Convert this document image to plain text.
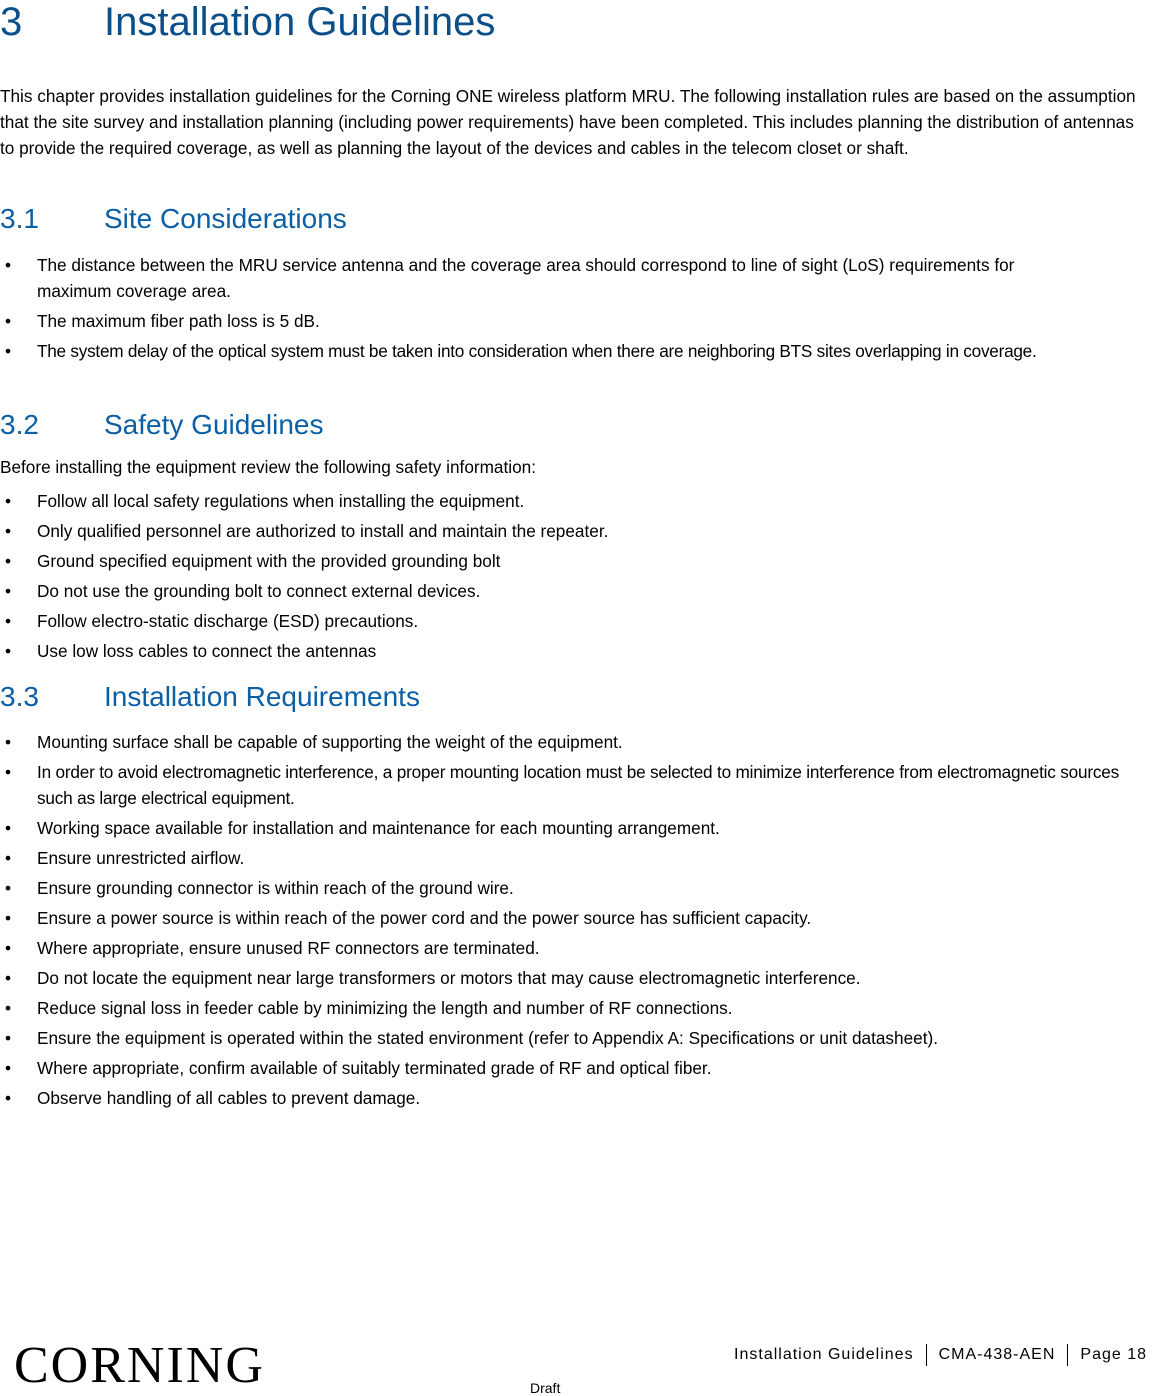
3 Installation Guidelines

This chapter provides installation guidelines for the Corning ONE wireless platform MRU. The following installation rules are based on the assumption that the site survey and installation planning (including power requirements) have been completed. This includes planning the distribution of antennas to provide the required coverage, as well as planning the layout of the devices and cables in the telecom closet or shaft.

3.1 Site Considerations
• The distance between the MRU service antenna and the coverage area should correspond to line of sight (LoS) requirements for maximum coverage area.
• The maximum fiber path loss is 5 dB.
• The system delay of the optical system must be taken into consideration when there are neighboring BTS sites overlapping in coverage.
3.2 Safety Guidelines

Before installing the equipment review the following safety information:

• Follow all local safety regulations when installing the equipment.
• Only qualified personnel are authorized to install and maintain the repeater.
• Ground specified equipment with the provided grounding bolt
• Do not use the grounding bolt to connect external devices.
• Follow electro-static discharge (ESD) precautions.
• Use low loss cables to connect the antennas
3.3 Installation Requirements
• Mounting surface shall be capable of supporting the weight of the equipment.
• In order to avoid electromagnetic interference, a proper mounting location must be selected to minimize interference from electromagnetic sources such as large electrical equipment.
• Working space available for installation and maintenance for each mounting arrangement.
• Ensure unrestricted airflow.
• Ensure grounding connector is within reach of the ground wire.
• Ensure a power source is within reach of the power cord and the power source has sufficient capacity.
• Where appropriate, ensure unused RF connectors are terminated.
• Do not locate the equipment near large transformers or motors that may cause electromagnetic interference.
• Reduce signal loss in feeder cable by minimizing the length and number of RF connections.
• Ensure the equipment is operated within the stated environment (refer to Appendix A: Specifications or unit datasheet).
• Where appropriate, confirm available of suitably terminated grade of RF and optical fiber.
• Observe handling of all cables to prevent damage.
CORNING	Installation Guidelines CMA-438-AEN Page 18
Draft
